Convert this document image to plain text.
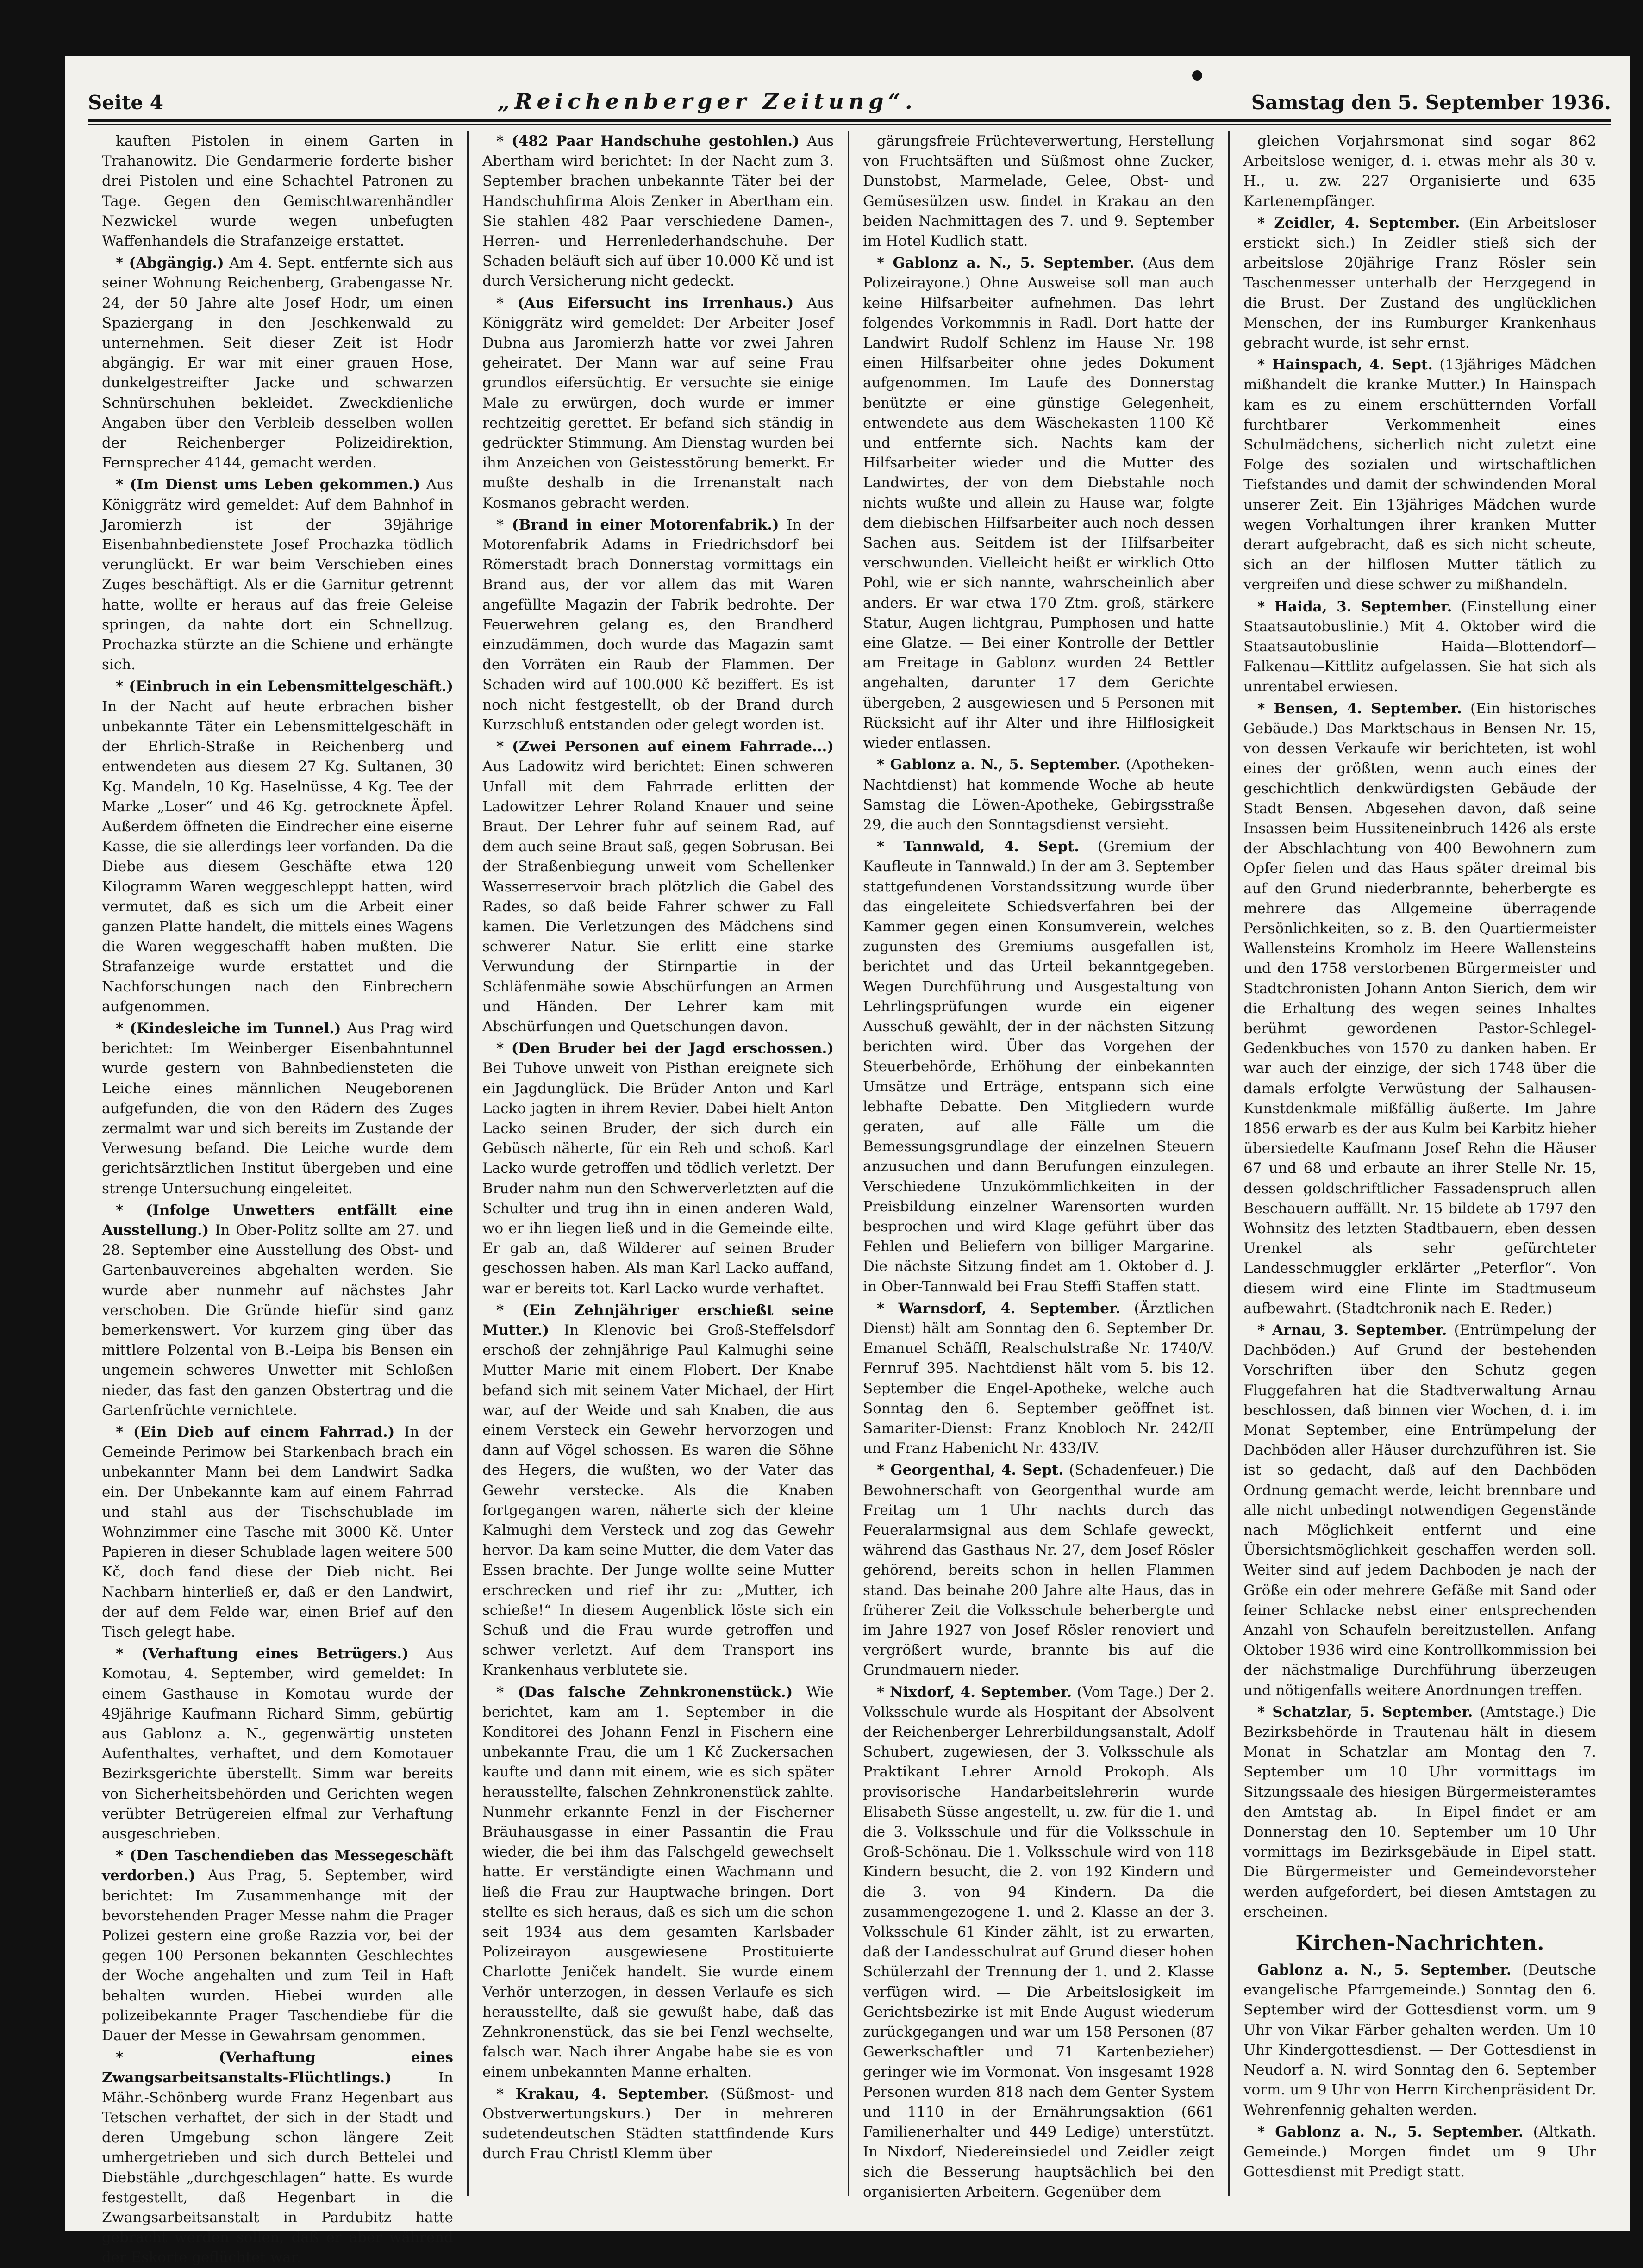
Seite 4	„Reichenberger Zeitung“.	Samstag den 5. September 1936.

kauften Pistolen in einem Garten in Trahanowitz. Die Gendarmerie forderte bisher drei Pistolen und eine Schachtel Patronen zu Tage. Gegen den Gemischtwarenhändler Nezwickel wurde wegen unbefugten Waffenhandels die Strafanzeige erstattet.

* (Abgängig.) Am 4. Sept. entfernte sich aus seiner Wohnung Reichenberg, Grabengasse Nr. 24, der 50 Jahre alte Josef Hodr, um einen Spaziergang in den Jeschkenwald zu unternehmen. Seit dieser Zeit ist Hodr abgängig. Er war mit einer grauen Hose, dunkelgestreifter Jacke und schwarzen Schnürschuhen bekleidet. Zweckdienliche Angaben über den Verbleib desselben wollen der Reichenberger Polizeidirektion, Fernsprecher 4144, gemacht werden.

* (Im Dienst ums Leben gekommen.) Aus Königgrätz wird gemeldet: Auf dem Bahnhof in Jaromierzh ist der 39jährige Eisenbahnbedienstete Josef Prochazka tödlich verunglückt. Er war beim Verschieben eines Zuges beschäftigt. Als er die Garnitur getrennt hatte, wollte er heraus auf das freie Geleise springen, da nahte dort ein Schnellzug. Prochazka stürzte an die Schiene und erhängte sich.

* (Einbruch in ein Lebensmittelgeschäft.) In der Nacht auf heute erbrachen bisher unbekannte Täter ein Lebensmittelgeschäft in der Ehrlich-Straße in Reichenberg und entwendeten aus diesem 27 Kg. Sultanen, 30 Kg. Mandeln, 10 Kg. Haselnüsse, 4 Kg. Tee der Marke „Loser“ und 46 Kg. getrocknete Äpfel. Außerdem öffneten die Eindrecher eine eiserne Kasse, die sie allerdings leer vorfanden. Da die Diebe aus diesem Geschäfte etwa 120 Kilogramm Waren weggeschleppt hatten, wird vermutet, daß es sich um die Arbeit einer ganzen Platte handelt, die mittels eines Wagens die Waren weggeschafft haben mußten. Die Strafanzeige wurde erstattet und die Nachforschungen nach den Einbrechern aufgenommen.

* (Kindesleiche im Tunnel.) Aus Prag wird berichtet: Im Weinberger Eisenbahntunnel wurde gestern von Bahnbediensteten die Leiche eines männlichen Neugeborenen aufgefunden, die von den Rädern des Zuges zermalmt war und sich bereits im Zustande der Verwesung befand. Die Leiche wurde dem gerichtsärztlichen Institut übergeben und eine strenge Untersuchung eingeleitet.

* (Infolge Unwetters entfällt eine Ausstellung.) In Ober-Politz sollte am 27. und 28. September eine Ausstellung des Obst- und Gartenbauvereines abgehalten werden. Sie wurde aber nunmehr auf nächstes Jahr verschoben. Die Gründe hiefür sind ganz bemerkenswert. Vor kurzem ging über das mittlere Polzental von B.-Leipa bis Bensen ein ungemein schweres Unwetter mit Schloßen nieder, das fast den ganzen Obstertrag und die Gartenfrüchte vernichtete.

* (Ein Dieb auf einem Fahrrad.) In der Gemeinde Perimow bei Starkenbach brach ein unbekannter Mann bei dem Landwirt Sadka ein. Der Unbekannte kam auf einem Fahrrad und stahl aus der Tischschublade im Wohnzimmer eine Tasche mit 3000 Kč. Unter Papieren in dieser Schublade lagen weitere 500 Kč, doch fand diese der Dieb nicht. Bei Nachbarn hinterließ er, daß er den Landwirt, der auf dem Felde war, einen Brief auf den Tisch gelegt habe.

* (Verhaftung eines Betrügers.) Aus Komotau, 4. September, wird gemeldet: In einem Gasthause in Komotau wurde der 49jährige Kaufmann Richard Simm, gebürtig aus Gablonz a. N., gegenwärtig unsteten Aufenthaltes, verhaftet, und dem Komotauer Bezirksgerichte überstellt. Simm war bereits von Sicherheitsbehörden und Gerichten wegen verübter Betrügereien elfmal zur Verhaftung ausgeschrieben.

* (Den Taschendieben das Messegeschäft verdorben.) Aus Prag, 5. September, wird berichtet: Im Zusammenhange mit der bevorstehenden Prager Messe nahm die Prager Polizei gestern eine große Razzia vor, bei der gegen 100 Personen bekannten Geschlechtes der Woche angehalten und zum Teil in Haft behalten wurden. Hiebei wurden alle polizeibekannte Prager Taschendiebe für die Dauer der Messe in Gewahrsam genommen.

* (Verhaftung eines Zwangsarbeitsanstalts-Flüchtlings.)	In Mähr.-Schönberg wurde Franz Hegenbart aus Tetschen verhaftet, der sich in der Stadt und deren Umgebung schon längere Zeit umhergetrieben und sich durch Bettelei und Diebstähle „durchgeschlagen“ hatte. Es wurde festgestellt, daß Hegenbart in die Zwangsarbeitsanstalt in Pardubitz hatte gebracht werden sollen, daß er aber während der Eskorte geflüchtet war.

* (482 Paar Handschuhe gestohlen.) Aus Abertham wird berichtet: In der Nacht zum 3. September brachen unbekannte Täter bei der Handschuhfirma Alois Zenker in Abertham ein. Sie stahlen 482 Paar verschiedene Damen-, Herren- und Herrenlederhandschuhe. Der Schaden beläuft sich auf über 10.000 Kč und ist durch Versicherung nicht gedeckt.

* (Aus Eifersucht ins Irrenhaus.) Aus Königgrätz wird gemeldet: Der Arbeiter Josef Dubna aus Jaromierzh hatte vor zwei Jahren geheiratet. Der Mann war auf seine Frau grundlos eifersüchtig. Er versuchte sie einige Male zu erwürgen, doch wurde er immer rechtzeitig gerettet. Er befand sich ständig in gedrückter Stimmung. Am Dienstag wurden bei ihm Anzeichen von Geistesstörung bemerkt. Er mußte deshalb in die Irrenanstalt nach Kosmanos gebracht werden.

* (Brand in einer Motorenfabrik.) In der Motorenfabrik Adams in Friedrichsdorf bei Römerstadt brach Donnerstag vormittags ein Brand aus, der vor allem das mit Waren angefüllte Magazin der Fabrik bedrohte. Der Feuerwehren gelang es, den Brandherd einzudämmen, doch wurde das Magazin samt den Vorräten ein Raub der Flammen. Der Schaden wird auf 100.000 Kč beziffert. Es ist noch nicht festgestellt, ob der Brand durch Kurzschluß entstanden oder gelegt worden ist.

* (Zwei Personen auf einem Fahrrade...) Aus Ladowitz wird berichtet: Einen schweren Unfall mit dem Fahrrade erlitten der Ladowitzer Lehrer Roland Knauer und seine Braut. Der Lehrer fuhr auf seinem Rad, auf dem auch seine Braut saß, gegen Sobrusan. Bei der Straßenbiegung unweit vom Schellenker Wasserreservoir brach plötzlich die Gabel des Rades, so daß beide Fahrer schwer zu Fall kamen. Die Verletzungen des Mädchens sind schwerer Natur. Sie erlitt eine starke Verwundung der Stirnpartie in der Schläfenmähe sowie Abschürfungen an Armen und Händen. Der Lehrer kam mit Abschürfungen und Quetschungen davon.

* (Den Bruder bei der Jagd erschossen.) Bei Tuhove unweit von Pisthan ereignete sich ein Jagdunglück. Die Brüder Anton und Karl Lacko jagten in ihrem Revier. Dabei hielt Anton Lacko seinen Bruder, der sich durch ein Gebüsch näherte, für ein Reh und schoß. Karl Lacko wurde getroffen und tödlich verletzt. Der Bruder nahm nun den Schwerverletzten auf die Schulter und trug ihn in einen anderen Wald, wo er ihn liegen ließ und in die Gemeinde eilte. Er gab an, daß Wilderer auf seinen Bruder geschossen haben. Als man Karl Lacko auffand, war er bereits tot. Karl Lacko wurde verhaftet.

* (Ein Zehnjähriger erschießt seine Mutter.) In Klenovic bei Groß-Steffelsdorf erschoß der zehnjährige Paul Kalmughi seine Mutter Marie mit einem Flobert. Der Knabe befand sich mit seinem Vater Michael, der Hirt war, auf der Weide und sah Knaben, die aus einem Versteck ein Gewehr hervorzogen und dann auf Vögel schossen. Es waren die Söhne des Hegers, die wußten, wo der Vater das Gewehr verstecke. Als die Knaben fortgegangen waren, näherte sich der kleine Kalmughi dem Versteck und zog das Gewehr hervor. Da kam seine Mutter, die dem Vater das Essen brachte. Der Junge wollte seine Mutter erschrecken und rief ihr zu: „Mutter, ich schieße!“ In diesem Augenblick löste sich ein Schuß und die Frau wurde getroffen und schwer verletzt. Auf dem Transport ins Krankenhaus verblutete sie.

* (Das falsche Zehnkronenstück.) Wie berichtet, kam am 1. September in die Konditorei des Johann Fenzl in Fischern eine unbekannte Frau, die um 1 Kč Zuckersachen kaufte und dann mit einem, wie es sich später herausstellte, falschen Zehnkronenstück zahlte. Nunmehr erkannte Fenzl in der Fischerner Bräuhausgasse in einer Passantin die Frau wieder, die bei ihm das Falschgeld gewechselt hatte. Er verständigte einen Wachmann und ließ die Frau zur Hauptwache bringen. Dort stellte es sich heraus, daß es sich um die schon seit 1934 aus dem gesamten Karlsbader Polizeirayon ausgewiesene Prostituierte Charlotte Jeniček handelt. Sie wurde einem Verhör unterzogen, in dessen Verlaufe es sich herausstellte, daß sie gewußt habe, daß das Zehnkronenstück, das sie bei Fenzl wechselte, falsch war. Nach ihrer Angabe habe sie es von einem unbekannten Manne erhalten.

* Krakau, 4. September. (Süßmost- und Obstverwertungskurs.) Der in mehreren sudetendeutschen Städten stattfindende Kurs durch Frau Christl Klemm über

gärungsfreie Früchteverwertung, Herstellung von Fruchtsäften und Süßmost ohne Zucker, Dunstobst, Marmelade, Gelee, Obst- und Gemüsesülzen usw. findet in Krakau an den beiden Nachmittagen des 7. und 9. September im Hotel Kudlich statt.

* Gablonz a. N., 5. September. (Aus dem Polizeirayone.) Ohne Ausweise soll man auch keine Hilfsarbeiter aufnehmen. Das lehrt folgendes Vorkommnis in Radl. Dort hatte der Landwirt Rudolf Schlenz im Hause Nr. 198 einen Hilfsarbeiter ohne jedes Dokument aufgenommen. Im Laufe des Donnerstag benützte er eine günstige Gelegenheit, entwendete aus dem Wäschekasten 1100 Kč und entfernte sich. Nachts kam der Hilfsarbeiter wieder und die Mutter des Landwirtes, der von dem Diebstahle noch nichts wußte und allein zu Hause war, folgte dem diebischen Hilfsarbeiter auch noch dessen Sachen aus. Seitdem ist der Hilfsarbeiter verschwunden. Vielleicht heißt er wirklich Otto Pohl, wie er sich nannte, wahrscheinlich aber anders. Er war etwa 170 Ztm. groß, stärkere Statur, Augen lichtgrau, Pumphosen und hatte eine Glatze. — Bei einer Kontrolle der Bettler am Freitage in Gablonz wurden 24 Bettler angehalten, darunter 17 dem Gerichte übergeben, 2 ausgewiesen und 5 Personen mit Rücksicht auf ihr Alter und ihre Hilflosigkeit wieder entlassen.

* Gablonz a. N., 5. September. (Apotheken-Nachtdienst) hat kommende Woche ab heute Samstag die Löwen-Apotheke, Gebirgsstraße 29, die auch den Sonntagsdienst versieht.

* Tannwald, 4. Sept. (Gremium der Kaufleute in Tannwald.) In der am 3. September stattgefundenen Vorstandssitzung wurde über das eingeleitete Schiedsverfahren bei der Kammer gegen einen Konsumverein, welches zugunsten des Gremiums ausgefallen ist, berichtet und das Urteil bekanntgegeben. Wegen Durchführung und Ausgestaltung von Lehrlingsprüfungen wurde ein eigener Ausschuß gewählt, der in der nächsten Sitzung berichten wird. Über das Vorgehen der Steuerbehörde, Erhöhung der einbekannten Umsätze und Erträge, entspann sich eine lebhafte Debatte. Den Mitgliedern wurde geraten, auf alle Fälle um die Bemessungsgrundlage der einzelnen Steuern anzusuchen und dann Berufungen einzulegen. Verschiedene Unzukömmlichkeiten in der Preisbildung einzelner Warensorten wurden besprochen und wird Klage geführt über das Fehlen und Beliefern von billiger Margarine. Die nächste Sitzung findet am 1. Oktober d. J. in Ober-Tannwald bei Frau Steffi Staffen statt.

* Warnsdorf, 4. September. (Ärztlichen Dienst) hält am Sonntag den 6. September Dr. Emanuel Schäffl, Realschulstraße Nr. 1740/V. Fernruf 395. Nachtdienst hält vom 5. bis 12. September die Engel-Apotheke, welche auch Sonntag den 6. September geöffnet ist. Samariter-Dienst: Franz Knobloch Nr. 242/II und Franz Habenicht Nr. 433/IV.

* Georgenthal, 4. Sept. (Schadenfeuer.) Die Bewohnerschaft von Georgenthal wurde am Freitag um 1 Uhr nachts durch das Feueralarmsignal aus dem Schlafe geweckt, während das Gasthaus Nr. 27, dem Josef Rösler gehörend, bereits schon in hellen Flammen stand. Das beinahe 200 Jahre alte Haus, das in früherer Zeit die Volksschule beherbergte und im Jahre 1927 von Josef Rösler renoviert und vergrößert wurde, brannte bis auf die Grundmauern nieder.

* Nixdorf, 4. September. (Vom Tage.) Der 2. Volksschule wurde als Hospitant der Absolvent der Reichenberger Lehrerbildungsanstalt, Adolf Schubert, zugewiesen, der 3. Volksschule als Praktikant Lehrer Arnold Prokoph. Als provisorische Handarbeitslehrerin wurde Elisabeth Süsse angestellt, u. zw. für die 1. und die 3. Volksschule und für die Volksschule in Groß-Schönau. Die 1. Volksschule wird von 118 Kindern besucht, die 2. von 192 Kindern und die 3. von 94 Kindern. Da die zusammengezogene 1. und 2. Klasse an der 3. Volksschule 61 Kinder zählt, ist zu erwarten, daß der Landesschulrat auf Grund dieser hohen Schülerzahl der Trennung der 1. und 2. Klasse verfügen wird. — Die Arbeitslosigkeit im Gerichtsbezirke ist mit Ende August wiederum zurückgegangen und war um 158 Personen (87 Gewerkschaftler und 71 Kartenbezieher) geringer wie im Vormonat. Von insgesamt 1928 Personen wurden 818 nach dem Genter System und 1110 in der Ernährungsaktion (661 Familienerhalter und 449 Ledige) unterstützt. In Nixdorf, Niedereinsiedel und Zeidler zeigt sich die Besserung hauptsächlich bei den organisierten Arbeitern. Gegenüber dem

gleichen Vorjahrsmonat sind sogar 862 Arbeitslose weniger, d. i. etwas mehr als 30 v. H., u. zw. 227 Organisierte und 635 Kartenempfänger.

* Zeidler, 4. September. (Ein Arbeitsloser erstickt sich.) In Zeidler stieß sich der arbeitslose 20jährige Franz Rösler sein Taschenmesser unterhalb der Herzgegend in die Brust. Der Zustand des unglücklichen Menschen, der ins Rumburger Krankenhaus gebracht wurde, ist sehr ernst.

* Hainspach, 4. Sept. (13jähriges Mädchen mißhandelt die kranke Mutter.) In Hainspach kam es zu einem erschütternden Vorfall furchtbarer Verkommenheit eines Schulmädchens, sicherlich nicht zuletzt eine Folge des sozialen und wirtschaftlichen Tiefstandes und damit der schwindenden Moral unserer Zeit. Ein 13jähriges Mädchen wurde wegen Vorhaltungen ihrer kranken Mutter derart aufgebracht, daß es sich nicht scheute, sich an der hilflosen Mutter tätlich zu vergreifen und diese schwer zu mißhandeln.

* Haida, 3. September. (Einstellung einer Staatsautobuslinie.) Mit 4. Oktober wird die Staatsautobuslinie Haida—Blottendorf—Falkenau—Kittlitz aufgelassen. Sie hat sich als unrentabel erwiesen.

* Bensen, 4. September. (Ein historisches Gebäude.) Das Marktschaus in Bensen Nr. 15, von dessen Verkaufe wir berichteten, ist wohl eines der größten, wenn auch eines der geschichtlich denkwürdigsten Gebäude der Stadt Bensen. Abgesehen davon, daß seine Insassen beim Hussiteneinbruch 1426 als erste der Abschlachtung von 400 Bewohnern zum Opfer fielen und das Haus später dreimal bis auf den Grund niederbrannte, beherbergte es mehrere das Allgemeine überragende Persönlichkeiten, so z. B. den Quartiermeister Wallensteins Kromholz im Heere Wallensteins und den 1758 verstorbenen Bürgermeister und Stadtchronisten Johann Anton Sierich, dem wir die Erhaltung des wegen seines Inhaltes berühmt gewordenen Pastor-Schlegel-Gedenkbuches von 1570 zu danken haben. Er war auch der einzige, der sich 1748 über die damals erfolgte Verwüstung der Salhausen-Kunstdenkmale mißfällig äußerte. Im Jahre 1856 erwarb es der aus Kulm bei Karbitz hieher übersiedelte Kaufmann Josef Rehn die Häuser 67 und 68 und erbaute an ihrer Stelle Nr. 15, dessen goldschriftlicher Fassadenspruch allen Beschauern auffällt. Nr. 15 bildete ab 1797 den Wohnsitz des letzten Stadtbauern, eben dessen Urenkel als sehr gefürchteter Landesschmuggler erklärter „Peterflor“. Von diesem wird eine Flinte im Stadtmuseum aufbewahrt. (Stadtchronik nach E. Reder.)

* Arnau, 3. September. (Entrümpelung der Dachböden.) Auf Grund der bestehenden Vorschriften über den Schutz gegen Fluggefahren hat die Stadtverwaltung Arnau beschlossen, daß binnen vier Wochen, d. i. im Monat September, eine Entrümpelung der Dachböden aller Häuser durchzuführen ist. Sie ist so gedacht, daß auf den Dachböden Ordnung gemacht werde, leicht brennbare und alle nicht unbedingt notwendigen Gegenstände nach Möglichkeit entfernt und eine Übersichtsmöglichkeit geschaffen werden soll. Weiter sind auf jedem Dachboden je nach der Größe ein oder mehrere Gefäße mit Sand oder feiner Schlacke nebst einer entsprechenden Anzahl von Schaufeln bereitzustellen. Anfang Oktober 1936 wird eine Kontrollkommission bei der nächstmalige Durchführung überzeugen und nötigenfalls weitere Anordnungen treffen.

* Schatzlar, 5. September. (Amtstage.) Die Bezirksbehörde in Trautenau hält in diesem Monat in Schatzlar am Montag den 7. September um 10 Uhr vormittags im Sitzungssaale des hiesigen Bürgermeisteramtes den Amtstag ab. — In Eipel findet er am Donnerstag den 10. September um 10 Uhr vormittags im Bezirksgebäude in Eipel statt. Die Bürgermeister und Gemeindevorsteher werden aufgefordert, bei diesen Amtstagen zu erscheinen.

Kirchen-Nachrichten.

Gablonz a. N., 5. September. (Deutsche evangelische Pfarrgemeinde.) Sonntag den 6. September wird der Gottesdienst vorm. um 9 Uhr von Vikar Färber gehalten werden. Um 10 Uhr Kindergottesdienst. — Der Gottesdienst in Neudorf a. N. wird Sonntag den 6. September vorm. um 9 Uhr von Herrn Kirchenpräsident Dr. Wehrenfennig gehalten werden.

* Gablonz a. N., 5. September. (Altkath. Gemeinde.) Morgen findet um 9 Uhr Gottesdienst mit Predigt statt.
